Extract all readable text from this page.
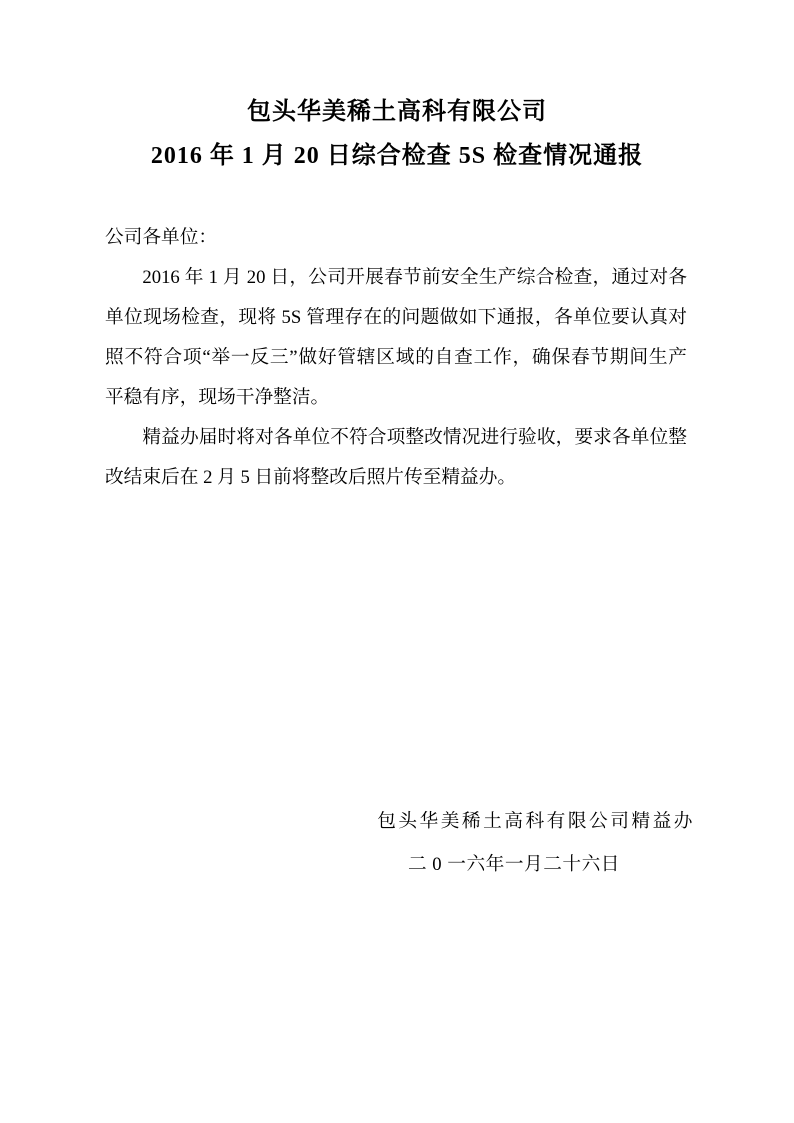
包头华美稀土高科有限公司
2016 年 1 月 20 日综合检查 5S 检查情况通报
公司各单位：
2016 年 1 月 20 日，公司开展春节前安全生产综合检查，通过对各
单位现场检查，现将 5S 管理存在的问题做如下通报，各单位要认真对
照不符合项“举一反三”做好管辖区域的自查工作，确保春节期间生产
平稳有序，现场干净整洁。
精益办届时将对各单位不符合项整改情况进行验收，要求各单位整
改结束后在 2 月 5 日前将整改后照片传至精益办。
包头华美稀土高科有限公司精益办
二 0 一六年一月二十六日
